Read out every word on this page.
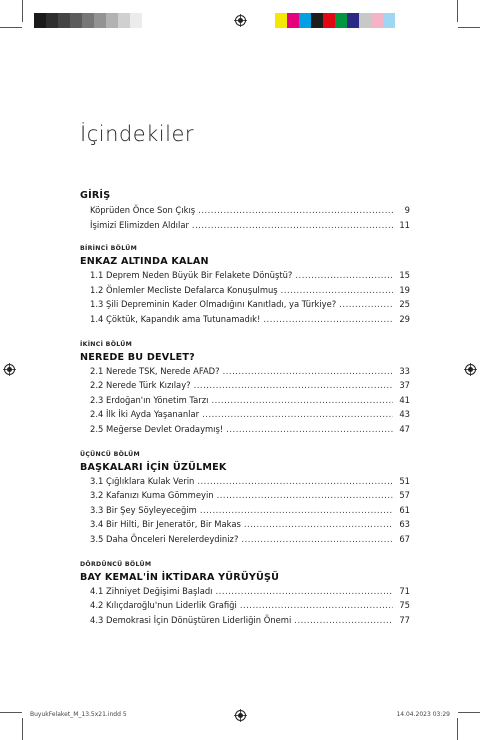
İçindekiler
GİRİŞ
Köprüden Önce Son Çıkış .....	9
İşimizi Elimizden Aldılar .....	11
BİRİNCİ BÖLÜM
ENKAZ ALTINDA KALAN
1.1 Deprem Neden Büyük Bir Felakete Dönüştü? .....	15
1.2 Önlemler Mecliste Defalarca Konuşulmuş .....	19
1.3 Şili Depreminin Kader Olmadığını Kanıtladı, ya Türkiye? .....	25
1.4 Çöktük, Kapandık ama Tutunamadık! .....	29
İKİNCİ BÖLÜM
NEREDE BU DEVLET?
2.1 Nerede TSK, Nerede AFAD? .....	33
2.2 Nerede Türk Kızılay? .....	37
2.3 Erdoğan'ın Yönetim Tarzı .....	41
2.4 İlk İki Ayda Yaşananlar .....	43
2.5 Meğerse Devlet Oradaymış! .....	47
ÜÇÜNCÜ BÖLÜM
BAŞKALARI İÇİN ÜZÜLMEK
3.1 Çığlıklara Kulak Verin .....	51
3.2 Kafanızı Kuma Gömmeyin .....	57
3.3 Bir Şey Söyleyeceğim .....	61
3.4 Bir Hilti, Bir Jeneratör, Bir Makas .....	63
3.5 Daha Önceleri Nerelerdeydiniz? .....	67
DÖRDÜNCÜ BÖLÜM
BAY KEMAL'İN İKTİDARA YÜRÜYÜŞÜ
4.1 Zihniyet Değişimi Başladı .....	71
4.2 Kılıçdaroğlu'nun Liderlik Grafiği .....	75
4.3 Demokrasi İçin Dönüştüren Liderliğin Önemi .....	77
BuyukFelaket_M_13.5x21.indd 5	14.04.2023 03:29
